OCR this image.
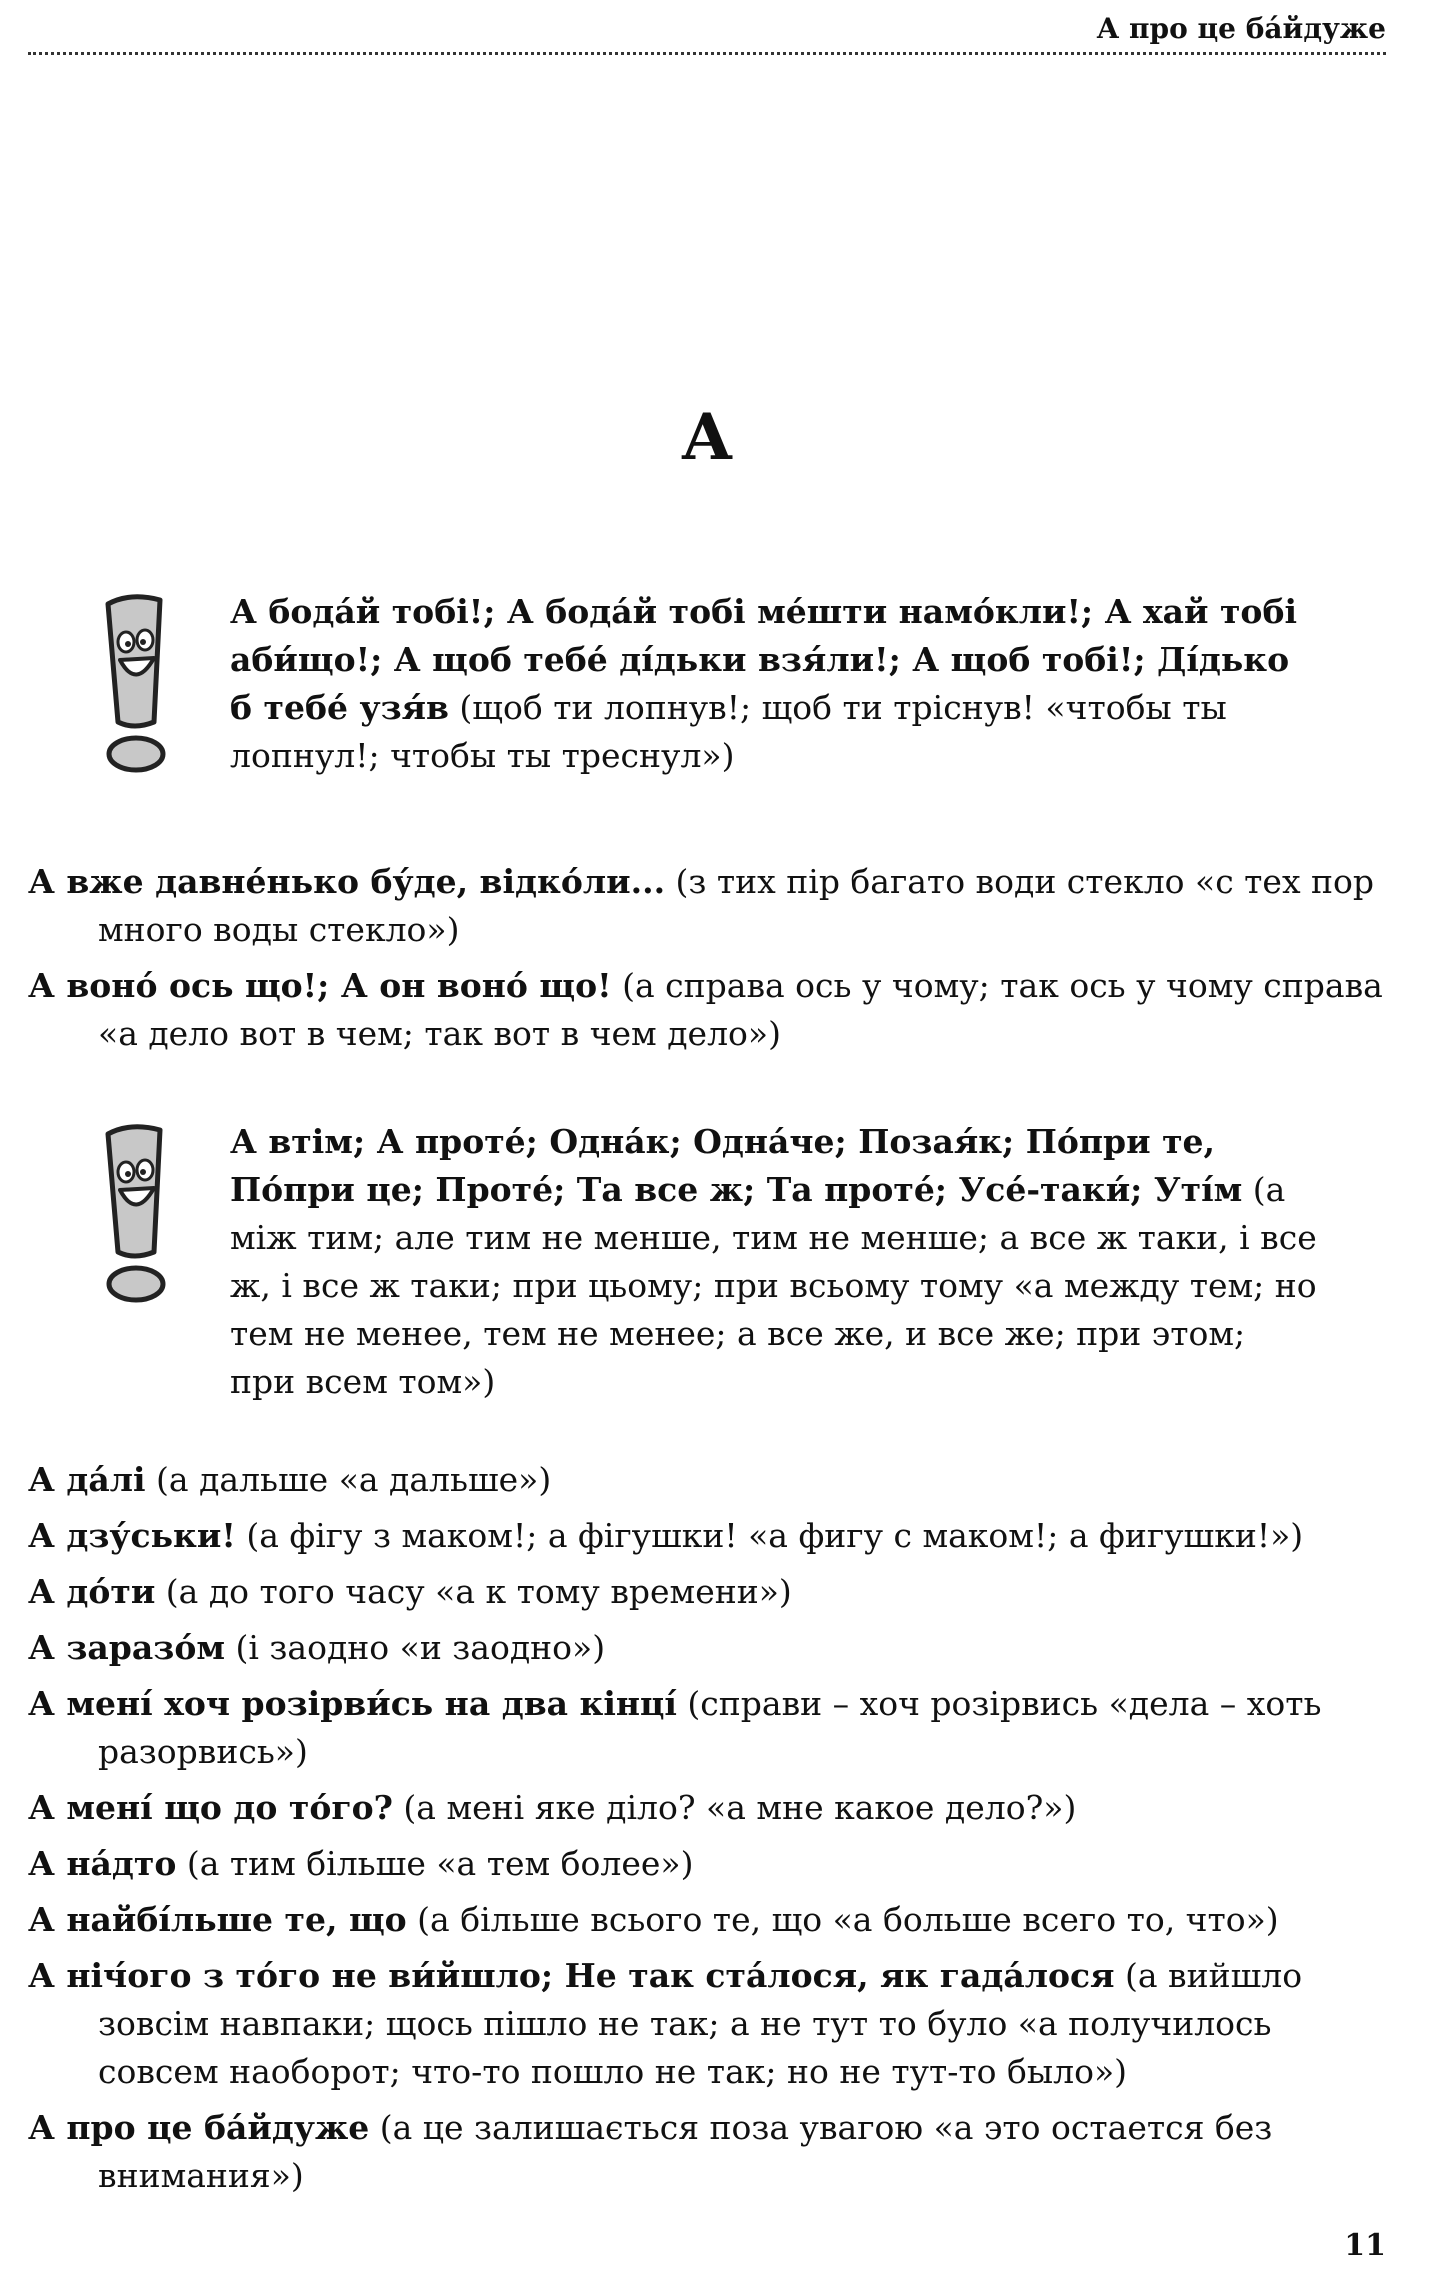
А про це ба́йдуже
А
А бода́й тобі!; А бода́й тобі ме́шти намо́кли!; А хай тобі аби́що!; А щоб тебе́ ді́дьки взя́ли!; А щоб тобі!; Ді́дько б тебе́ узя́в (щоб ти лопнув!; щоб ти тріснув! «чтобы ты лопнул!; чтобы ты треснул»)

А вже давне́нько бу́де, відко́ли... (з тих пір багато води стекло «с тех пор много воды стекло»)

А воно́ ось що!; А он воно́ що! (а справа ось у чому; так ось у чому справа «а дело вот в чем; так вот в чем дело»)

А втім; А проте́; Одна́к; Одна́че; Позая́к; По́при те, По́при це; Проте́; Та все ж; Та проте́; Усе́-таки́; Уті́м (а між тим; але тим не менше, тим не менше; а все ж таки, і все ж, і все ж таки; при цьому; при всьому тому «а между тем; но тем не менее, тем не менее; а все же, и все же; при этом; при всем том»)

А да́лі (а дальше «а дальше»)

А дзу́ськи! (а фігу з маком!; а фігушки! «а фигу с маком!; а фигушки!»)

А до́ти (а до того часу «а к тому времени»)

А заразо́м (і заодно «и заодно»)

А мені́ хоч розірви́сь на два кінці́ (справи – хоч розірвись «дела – хоть разорвись»)

А мені́ що до то́го? (а мені яке діло? «а мне какое дело?»)

А на́дто (а тим більше «а тем более»)

А найбі́льше те, що (а більше всього те, що «а больше всего то, что»)

А ніч́ого з то́го не ви́йшло; Не так ста́лося, як гада́лося (а вийшло зовсім навпаки; щось пішло не так; а не тут то було «а получилось совсем наоборот; что-то пошло не так; но не тут-то было»)

А про це ба́йдуже (а це залишається поза увагою «а это остается без внимания»)

11
